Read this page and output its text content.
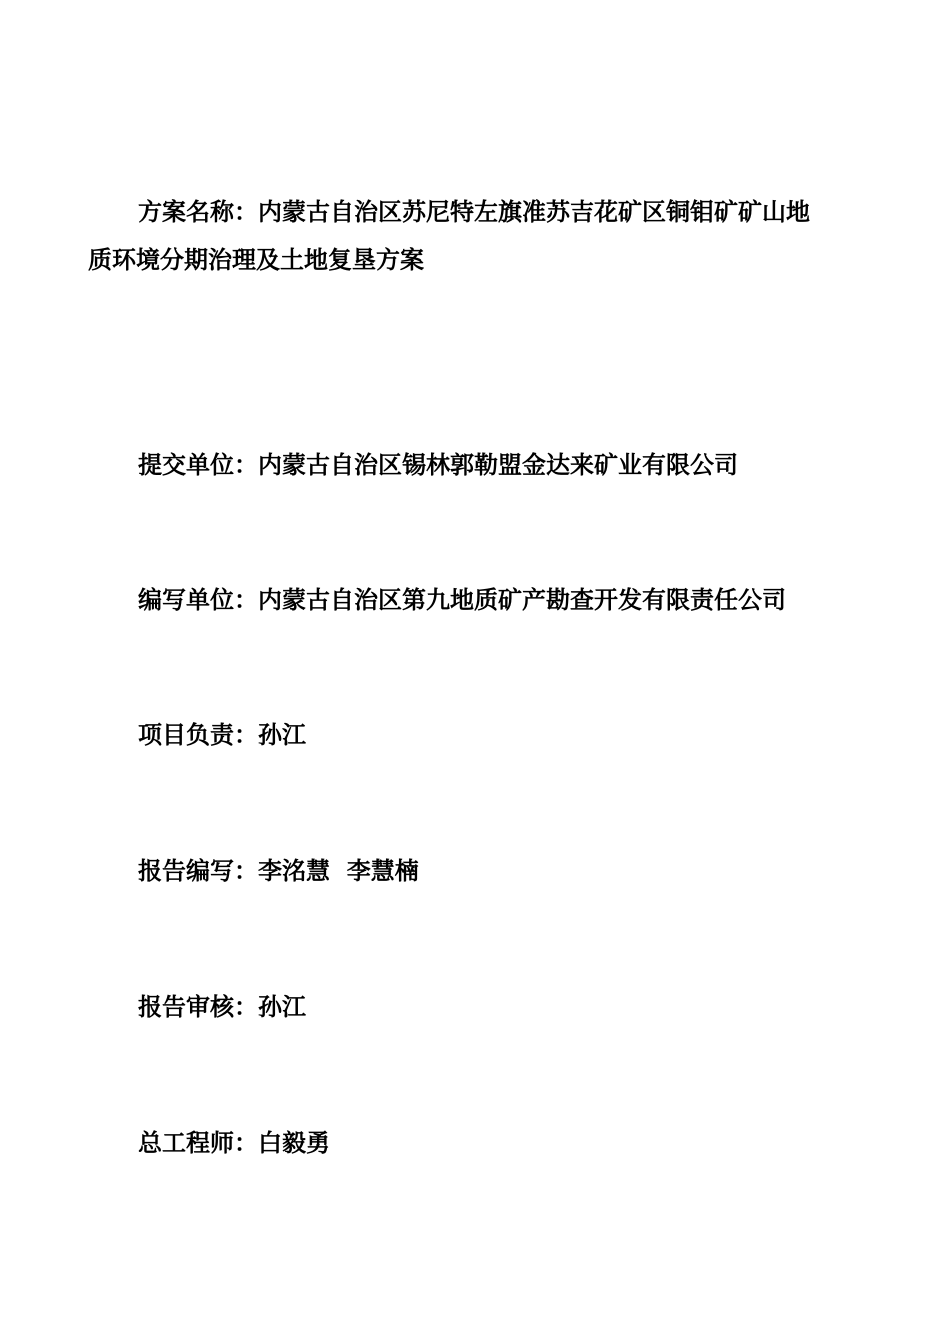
方案名称：内蒙古自治区苏尼特左旗准苏吉花矿区铜钼矿矿山地
质环境分期治理及土地复垦方案
提交单位：内蒙古自治区锡林郭勒盟金达来矿业有限公司
编写单位：内蒙古自治区第九地质矿产勘查开发有限责任公司
项目负责：孙江
报告编写：李洺慧  李慧楠
报告审核：孙江
总工程师：白毅勇
